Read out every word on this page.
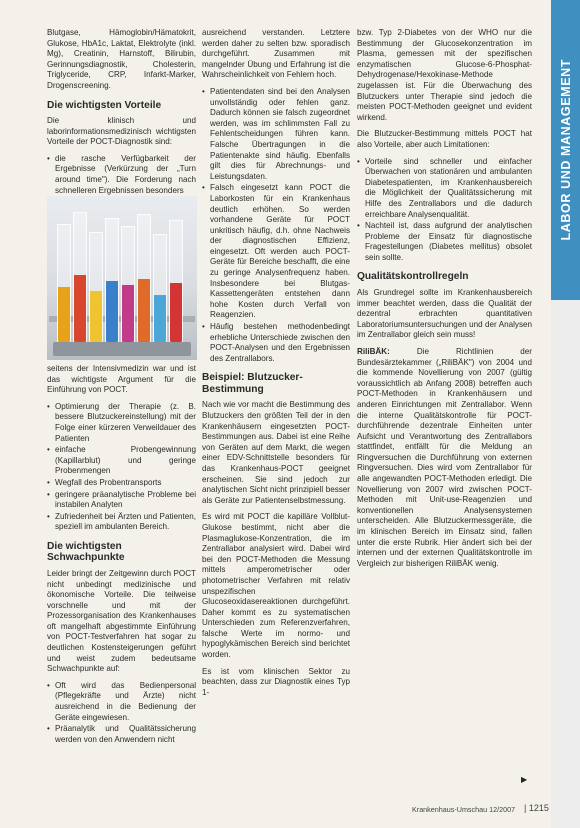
LABOR UND MANAGEMENT

Blutgase, Hämoglobin/Hämatokrit, Glukose, HbA1c, Laktat, Elektrolyte (inkl. Mg), Creatinin, Harnstoff, Bilirubin, Gerinnungsdiagnostik, Cholesterin, Triglyceride, CRP, Infarkt-Marker, Drogenscreening.

Die wichtigsten Vorteile

Die klinisch und laborinformationsmedizinisch wichtigsten Vorteile der POCT-Diagnostik sind:

• die rasche Verfügbarkeit der Ergebnisse (Verkürzung der „Turn around time"). Die Forderung nach schnelleren Ergebnissen besonders

seitens der Intensivmedizin war und ist das wichtigste Argument für die Einführung von POCT.

• Optimierung der Therapie (z. B. bessere Blutzuckereinstellung) mit der Folge einer kürzeren Verweildauer des Patienten
• einfache Probengewinnung (Kapillarblut) und geringe Probenmengen
• Wegfall des Probentransports
• geringere präanalytische Probleme bei instabilen Analyten
• Zufriedenheit bei Ärzten und Patienten, speziell im ambulanten Bereich.
Die wichtigsten Schwachpunkte

Leider bringt der Zeitgewinn durch POCT nicht unbedingt medizinische und ökonomische Vorteile. Die teilweise vorschnelle und mit der Prozessorganisation des Krankenhauses oft mangelhaft abgestimmte Einführung von POCT-Testverfahren hat sogar zu deutlichen Kostensteigerungen geführt und weist zudem bedeutsame Schwachpunkte auf:

• Oft wird das Bedienpersonal (Pflegekräfte und Ärzte) nicht ausreichend in die Bedienung der Geräte eingewiesen.
• Präanalytik und Qualitätssicherung werden von den Anwendern nicht

ausreichend verstanden. Letztere werden daher zu selten bzw. sporadisch durchgeführt. Zusammen mit mangelnder Übung und Erfahrung ist die Wahrscheinlichkeit von Fehlern hoch.

• Patientendaten sind bei den Analysen unvollständig oder fehlen ganz. Dadurch können sie falsch zugeordnet werden, was im schlimmsten Fall zu Fehlentscheidungen führen kann. Falsche Übertragungen in die Patientenakte sind häufig. Ebenfalls gilt dies für Abrechnungs- und Leistungsdaten.
• Falsch eingesetzt kann POCT die Laborkosten für ein Krankenhaus deutlich erhöhen. So werden vorhandene Geräte für POCT unkritisch häufig, d.h. ohne Nachweis der diagnostischen Effizienz, eingesetzt. Oft werden auch POCT-Geräte für Bereiche beschafft, die eine zu geringe Analysenfrequenz haben. Insbesondere bei Blutgas-Kassettengeräten entstehen dann hohe Kosten durch Verfall von Reagenzien.
• Häufig bestehen methodenbedingt erhebliche Unterschiede zwischen den POCT-Analysen und den Ergebnissen des Zentrallabors.
Beispiel: Blutzucker-Bestimmung

Nach wie vor macht die Bestimmung des Blutzuckers den größten Teil der in den Krankenhäusern eingesetzten POCT-Bestimmungen aus. Dabei ist eine Reihe von Geräten auf dem Markt, die wegen einer EDV-Schnittstelle besonders für das Krankenhaus-POCT geeignet erscheinen. Sie sind jedoch zur analytischen Sicht nicht prinzipiell besser als Geräte zur Patientenselbstmessung.

Es wird mit POCT die kapilläre Vollblut-Glukose bestimmt, nicht aber die Plasmaglukose-Konzentration, die im Zentrallabor analysiert wird. Dabei wird bei den POCT-Methoden die Messung mittels amperometrischer oder photometrischer Verfahren mit relativ unspezifischen Glucoseoxidasereaktionen durchgeführt. Daher kommt es zu systematischen Unterschieden zum Referenzverfahren, falsche Werte im normo- und hypoglykämischen Bereich sind berichtet worden.

Es ist vom klinischen Sektor zu beachten, dass zur Diagnostik eines Typ 1-

bzw. Typ 2-Diabetes von der WHO nur die Bestimmung der Glucosekonzentration im Plasma, gemessen mit der spezifischen enzymatischen Glucose-6-Phosphat-Dehydrogenase/Hexokinase-Methode zugelassen ist. Für die Überwachung des Blutzuckers unter Therapie sind jedoch die meisten POCT-Methoden geeignet und evident wirkend.

Die Blutzucker-Bestimmung mittels POCT hat also Vorteile, aber auch Limitationen:

• Vorteile sind schneller und einfacher Überwachen von stationären und ambulanten Diabetespatienten, im Krankenhausbereich die Möglichkeit der Qualitätssicherung mit Hilfe des Zentrallabors und die dadurch erreichbare Analysenqualität.
• Nachteil ist, dass aufgrund der analytischen Probleme der Einsatz für diagnostische Fragestellungen (Diabetes mellitus) obsolet sein sollte.
Qualitätskontrollregeln

Als Grundregel sollte im Krankenhausbereich immer beachtet werden, dass die Qualität der dezentral erbrachten quantitativen Laboratoriumsuntersuchungen und der Analysen im Zentrallabor gleich sein muss!

RiliBÄK: Die Richtlinien der Bundesärztekammer („RiliBÄK") von 2004 und die kommende Novellierung von 2007 (gültig voraussichtlich ab Anfang 2008) betreffen auch POCT-Methoden in Krankenhäusern und anderen Einrichtungen mit Zentrallabor. Wenn die interne Qualitätskontrolle für POCT-durchführende dezentrale Einheiten unter Aufsicht und Verantwortung des Zentrallabors stattfindet, entfällt für die Meldung an Ringversuchen die Durchführung von externen Ringversuchen. Dies wird vom Zentrallabor für alle angewandten POCT-Methoden erledigt. Die Novellierung von 2007 wird zwischen POCT-Methoden mit Unit-use-Reagenzien und konventionellen Analysensystemen unterscheiden. Alle Blutzuckermessgeräte, die im klinischen Bereich im Einsatz sind, fallen unter die erste Rubrik. Hier ändert sich bei der internen und der externen Qualitätskontrolle im Vergleich zur bisherigen RiliBÄK wenig.

▶
Krankenhaus-Umschau 12/2007 | 1215
